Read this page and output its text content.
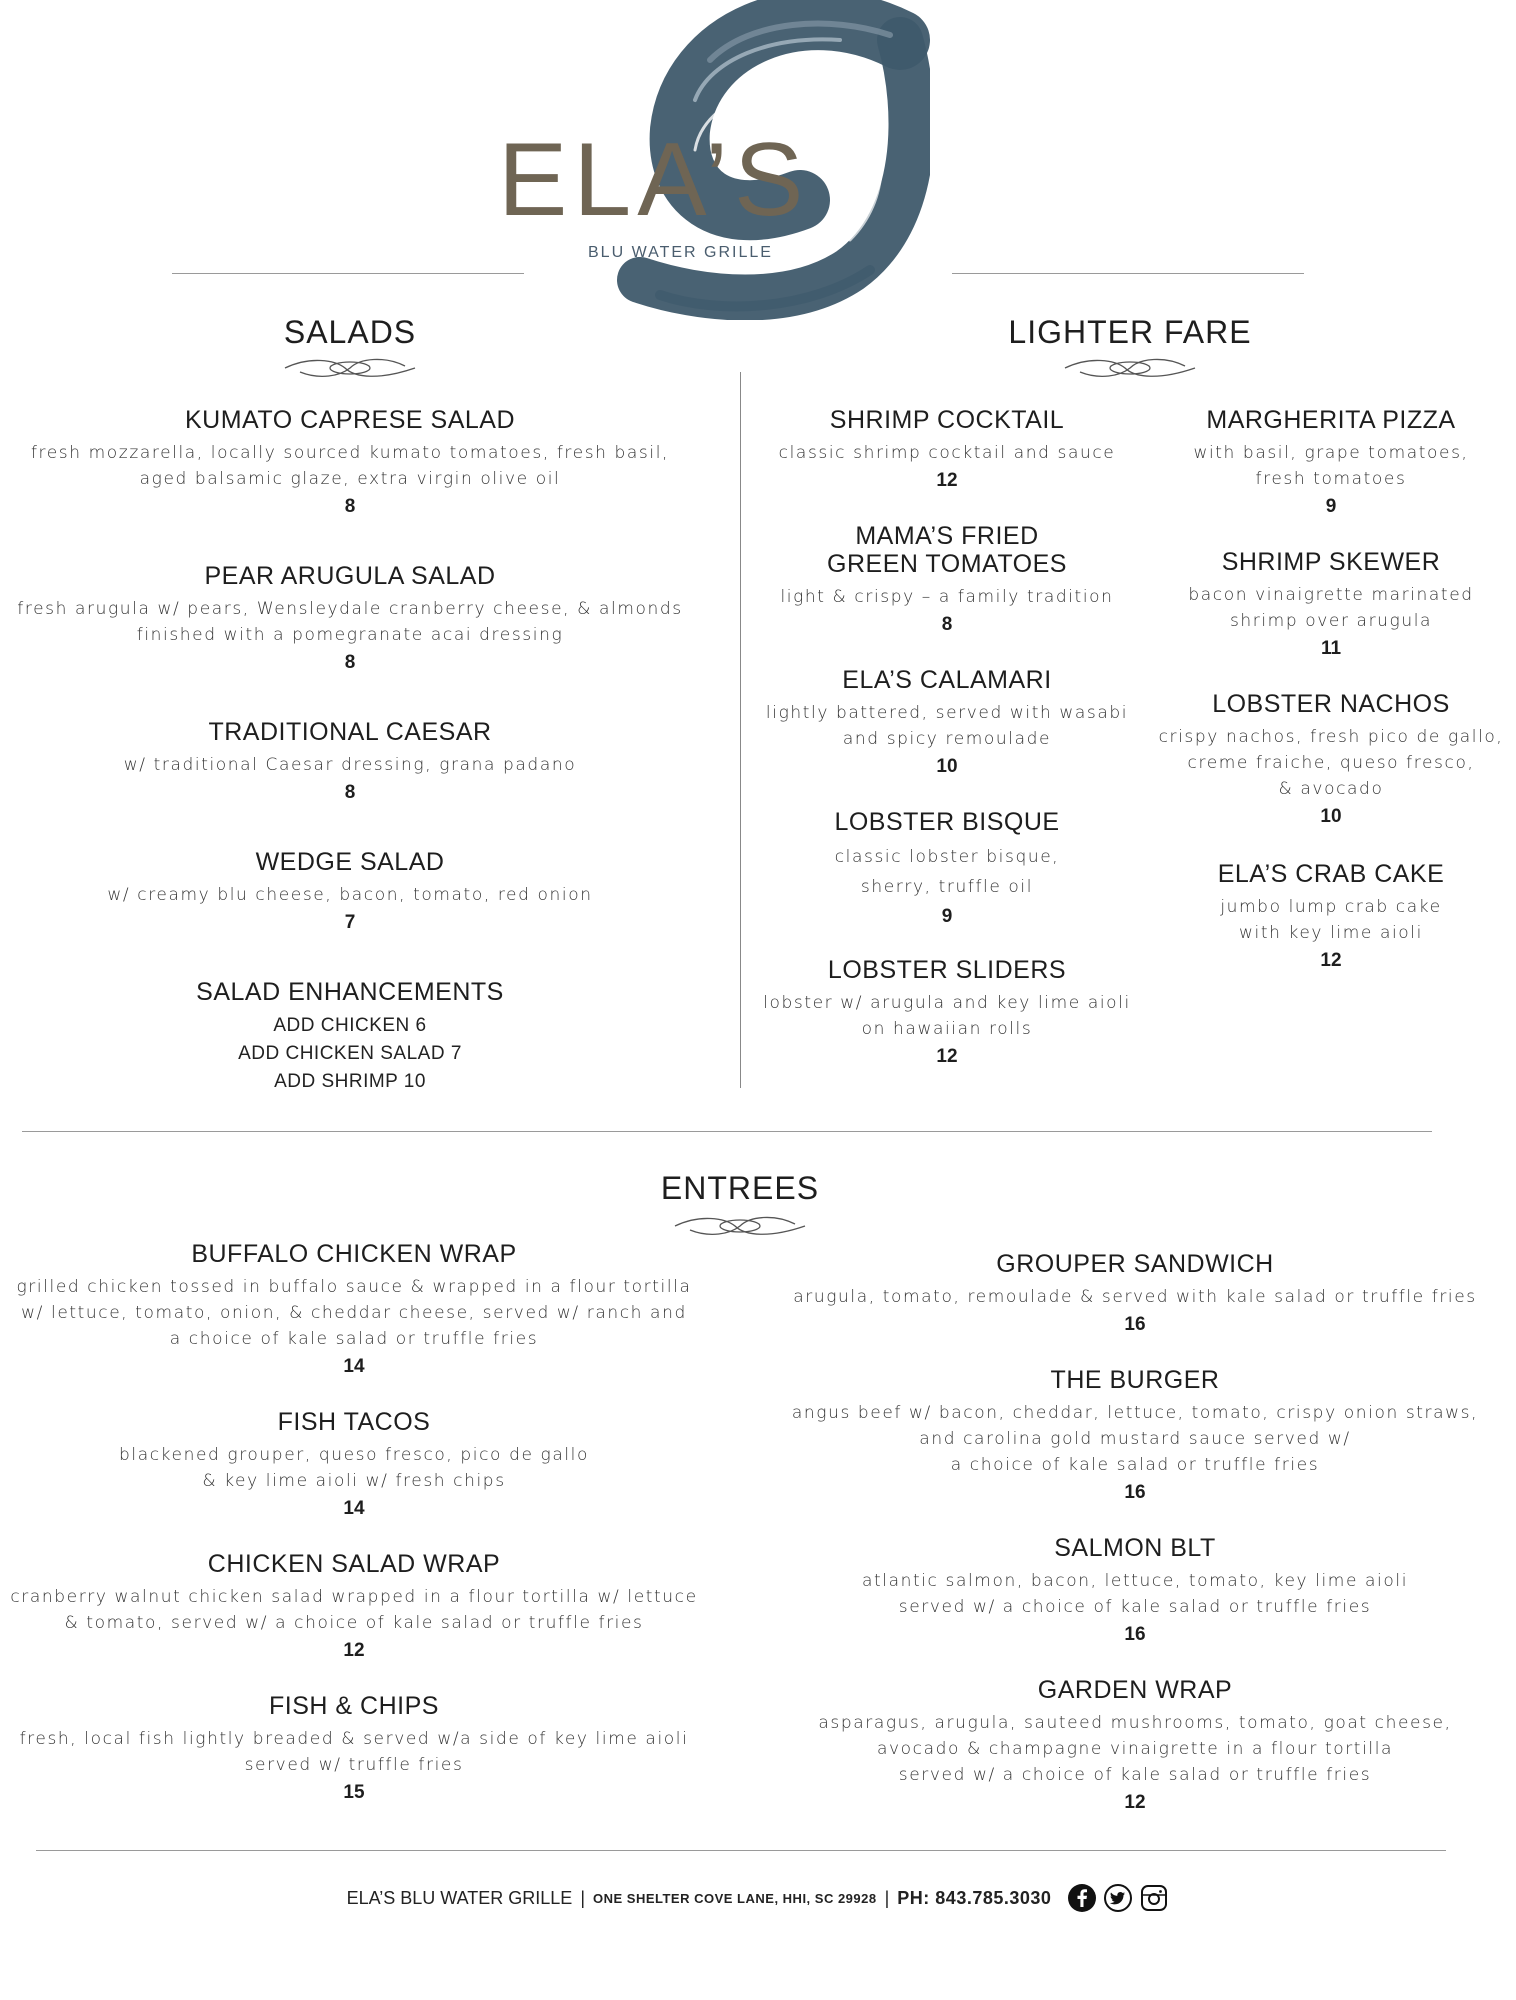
ELA’S
BLU WATER GRILLE
SALADS
KUMATO CAPRESE SALAD
fresh mozzarella, locally sourced kumato tomatoes, fresh basil,
aged balsamic glaze, extra virgin olive oil
8
PEAR ARUGULA SALAD
fresh arugula w/ pears, Wensleydale cranberry cheese, & almonds
finished with a pomegranate acai dressing
8
TRADITIONAL CAESAR
w/ traditional Caesar dressing, grana padano
8
WEDGE SALAD
w/ creamy blu cheese, bacon, tomato, red onion
7
SALAD ENHANCEMENTS
ADD CHICKEN 6
ADD CHICKEN SALAD 7
ADD SHRIMP 10
LIGHTER FARE
SHRIMP COCKTAIL
classic shrimp cocktail and sauce
12
MAMA’S FRIED
GREEN TOMATOES
light & crispy – a family tradition
8
ELA’S CALAMARI
lightly battered, served with wasabi
and spicy remoulade
10
LOBSTER BISQUE
classic lobster bisque,
sherry, truffle oil
9
LOBSTER SLIDERS
lobster w/ arugula and key lime aioli
on hawaiian rolls
12
MARGHERITA PIZZA
with basil, grape tomatoes,
fresh tomatoes
9
SHRIMP SKEWER
bacon vinaigrette marinated
shrimp over arugula
11
LOBSTER NACHOS
crispy nachos, fresh pico de gallo,
creme fraiche, queso fresco,
& avocado
10
ELA’S CRAB CAKE
jumbo lump crab cake
with key lime aioli
12
ENTREES
BUFFALO CHICKEN WRAP
grilled chicken tossed in buffalo sauce & wrapped in a flour tortilla
w/ lettuce, tomato, onion, & cheddar cheese, served w/ ranch and
a choice of kale salad or truffle fries
14
FISH TACOS
blackened grouper, queso fresco, pico de gallo
& key lime aioli w/ fresh chips
14
CHICKEN SALAD WRAP
cranberry walnut chicken salad wrapped in a flour tortilla w/ lettuce
& tomato, served w/ a choice of kale salad or truffle fries
12
FISH & CHIPS
fresh, local fish lightly breaded & served w/a side of key lime aioli
served w/ truffle fries
15
GROUPER SANDWICH
arugula, tomato, remoulade & served with kale salad or truffle fries
16
THE BURGER
angus beef w/ bacon, cheddar, lettuce, tomato, crispy onion straws,
and carolina gold mustard sauce served w/
a choice of kale salad or truffle fries
16
SALMON BLT
atlantic salmon, bacon, lettuce, tomato, key lime aioli
served w/ a choice of kale salad or truffle fries
16
GARDEN WRAP
asparagus, arugula, sauteed mushrooms, tomato, goat cheese,
avocado & champagne vinaigrette in a flour tortilla
served w/ a choice of kale salad or truffle fries
12
ELA’S BLU WATER GRILLE | ONE SHELTER COVE LANE, HHI, SC 29928 | PH: 843.785.3030
